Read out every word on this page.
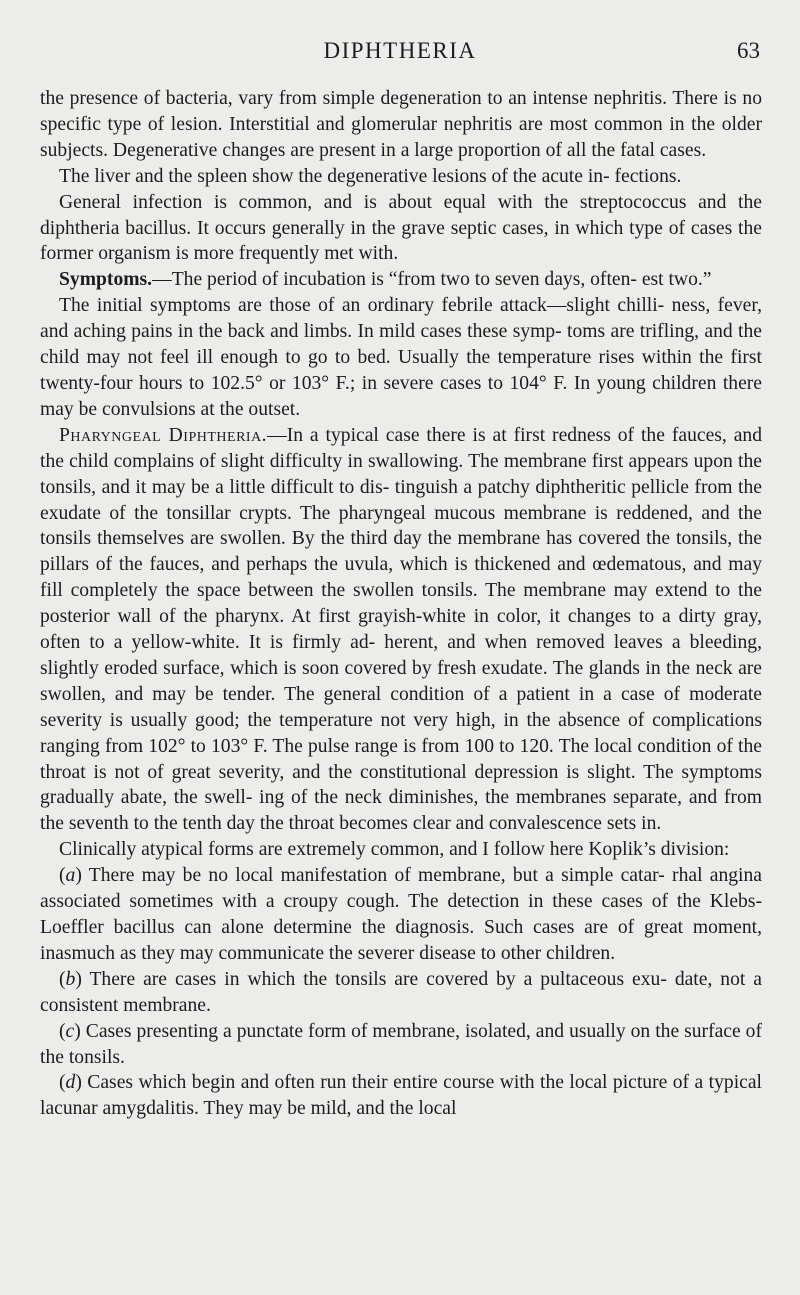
DIPHTHERIA	63

the presence of bacteria, vary from simple degeneration to an intense nephritis. There is no specific type of lesion. Interstitial and glomerular nephritis are most common in the older subjects. Degenerative changes are present in a large proportion of all the fatal cases.

The liver and the spleen show the degenerative lesions of the acute in- fections.

General infection is common, and is about equal with the streptococcus and the diphtheria bacillus. It occurs generally in the grave septic cases, in which type of cases the former organism is more frequently met with.

Symptoms.—The period of incubation is “from two to seven days, often- est two.”

The initial symptoms are those of an ordinary febrile attack—slight chilli- ness, fever, and aching pains in the back and limbs. In mild cases these symp- toms are trifling, and the child may not feel ill enough to go to bed. Usually the temperature rises within the first twenty-four hours to 102.5° or 103° F.; in severe cases to 104° F. In young children there may be convulsions at the outset.

Pharyngeal Diphtheria.—In a typical case there is at first redness of the fauces, and the child complains of slight difficulty in swallowing. The membrane first appears upon the tonsils, and it may be a little difficult to dis- tinguish a patchy diphtheritic pellicle from the exudate of the tonsillar crypts. The pharyngeal mucous membrane is reddened, and the tonsils themselves are swollen. By the third day the membrane has covered the tonsils, the pillars of the fauces, and perhaps the uvula, which is thickened and œdematous, and may fill completely the space between the swollen tonsils. The membrane may extend to the posterior wall of the pharynx. At first grayish-white in color, it changes to a dirty gray, often to a yellow-white. It is firmly ad- herent, and when removed leaves a bleeding, slightly eroded surface, which is soon covered by fresh exudate. The glands in the neck are swollen, and may be tender. The general condition of a patient in a case of moderate severity is usually good; the temperature not very high, in the absence of complications ranging from 102° to 103° F. The pulse range is from 100 to 120. The local condition of the throat is not of great severity, and the constitutional depression is slight. The symptoms gradually abate, the swell- ing of the neck diminishes, the membranes separate, and from the seventh to the tenth day the throat becomes clear and convalescence sets in.

Clinically atypical forms are extremely common, and I follow here Koplik’s division:

(a) There may be no local manifestation of membrane, but a simple catar- rhal angina associated sometimes with a croupy cough. The detection in these cases of the Klebs-Loeffler bacillus can alone determine the diagnosis. Such cases are of great moment, inasmuch as they may communicate the severer disease to other children.

(b) There are cases in which the tonsils are covered by a pultaceous exu- date, not a consistent membrane.

(c) Cases presenting a punctate form of membrane, isolated, and usually on the surface of the tonsils.

(d) Cases which begin and often run their entire course with the local picture of a typical lacunar amygdalitis. They may be mild, and the local
